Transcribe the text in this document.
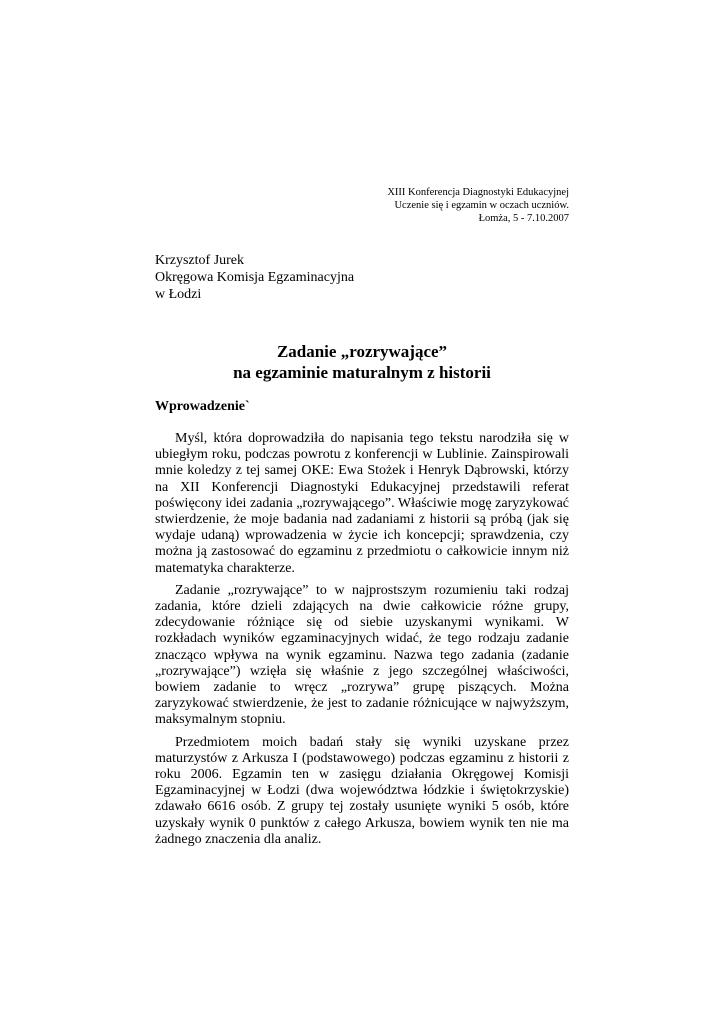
XIII Konferencja Diagnostyki Edukacyjnej
Uczenie się i egzamin w oczach uczniów.
Łomża, 5 - 7.10.2007
Krzysztof Jurek
Okręgowa Komisja Egzaminacyjna
w Łodzi
Zadanie „rozrywające”
na egzaminie maturalnym z historii
Wprowadzenie`

Myśl, która doprowadziła do napisania tego tekstu narodziła się w ubiegłym roku, podczas powrotu z konferencji w Lublinie. Zainspirowali mnie koledzy z tej samej OKE: Ewa Stożek i Henryk Dąbrowski, którzy na XII Konferencji Diagnostyki Edukacyjnej przedstawili referat poświęcony idei zadania „rozrywającego”. Właściwie mogę zaryzykować stwierdzenie, że moje badania nad zadaniami z historii są próbą (jak się wydaje udaną) wprowadzenia w życie ich koncepcji; sprawdzenia, czy można ją zastosować do egzaminu z przedmiotu o całkowicie innym niż matematyka charakterze.

Zadanie „rozrywające” to w najprostszym rozumieniu taki rodzaj zadania, które dzieli zdających na dwie całkowicie różne grupy, zdecydowanie różniące się od siebie uzyskanymi wynikami. W rozkładach wyników egzaminacyjnych widać, że tego rodzaju zadanie znacząco wpływa na wynik egzaminu. Nazwa tego zadania (zadanie „rozrywające”) wzięła się właśnie z jego szczególnej właściwości, bowiem zadanie to wręcz „rozrywa” grupę piszących. Można zaryzykować stwierdzenie, że jest to zadanie różnicujące w najwyższym, maksymalnym stopniu.

Przedmiotem moich badań stały się wyniki uzyskane przez maturzystów z Arkusza I (podstawowego) podczas egzaminu z historii z roku 2006. Egzamin ten w zasięgu działania Okręgowej Komisji Egzaminacyjnej w Łodzi (dwa województwa łódzkie i świętokrzyskie) zdawało 6616 osób. Z grupy tej zostały usunięte wyniki 5 osób, które uzyskały wynik 0 punktów z całego Arkusza, bowiem wynik ten nie ma żadnego znaczenia dla analiz.
